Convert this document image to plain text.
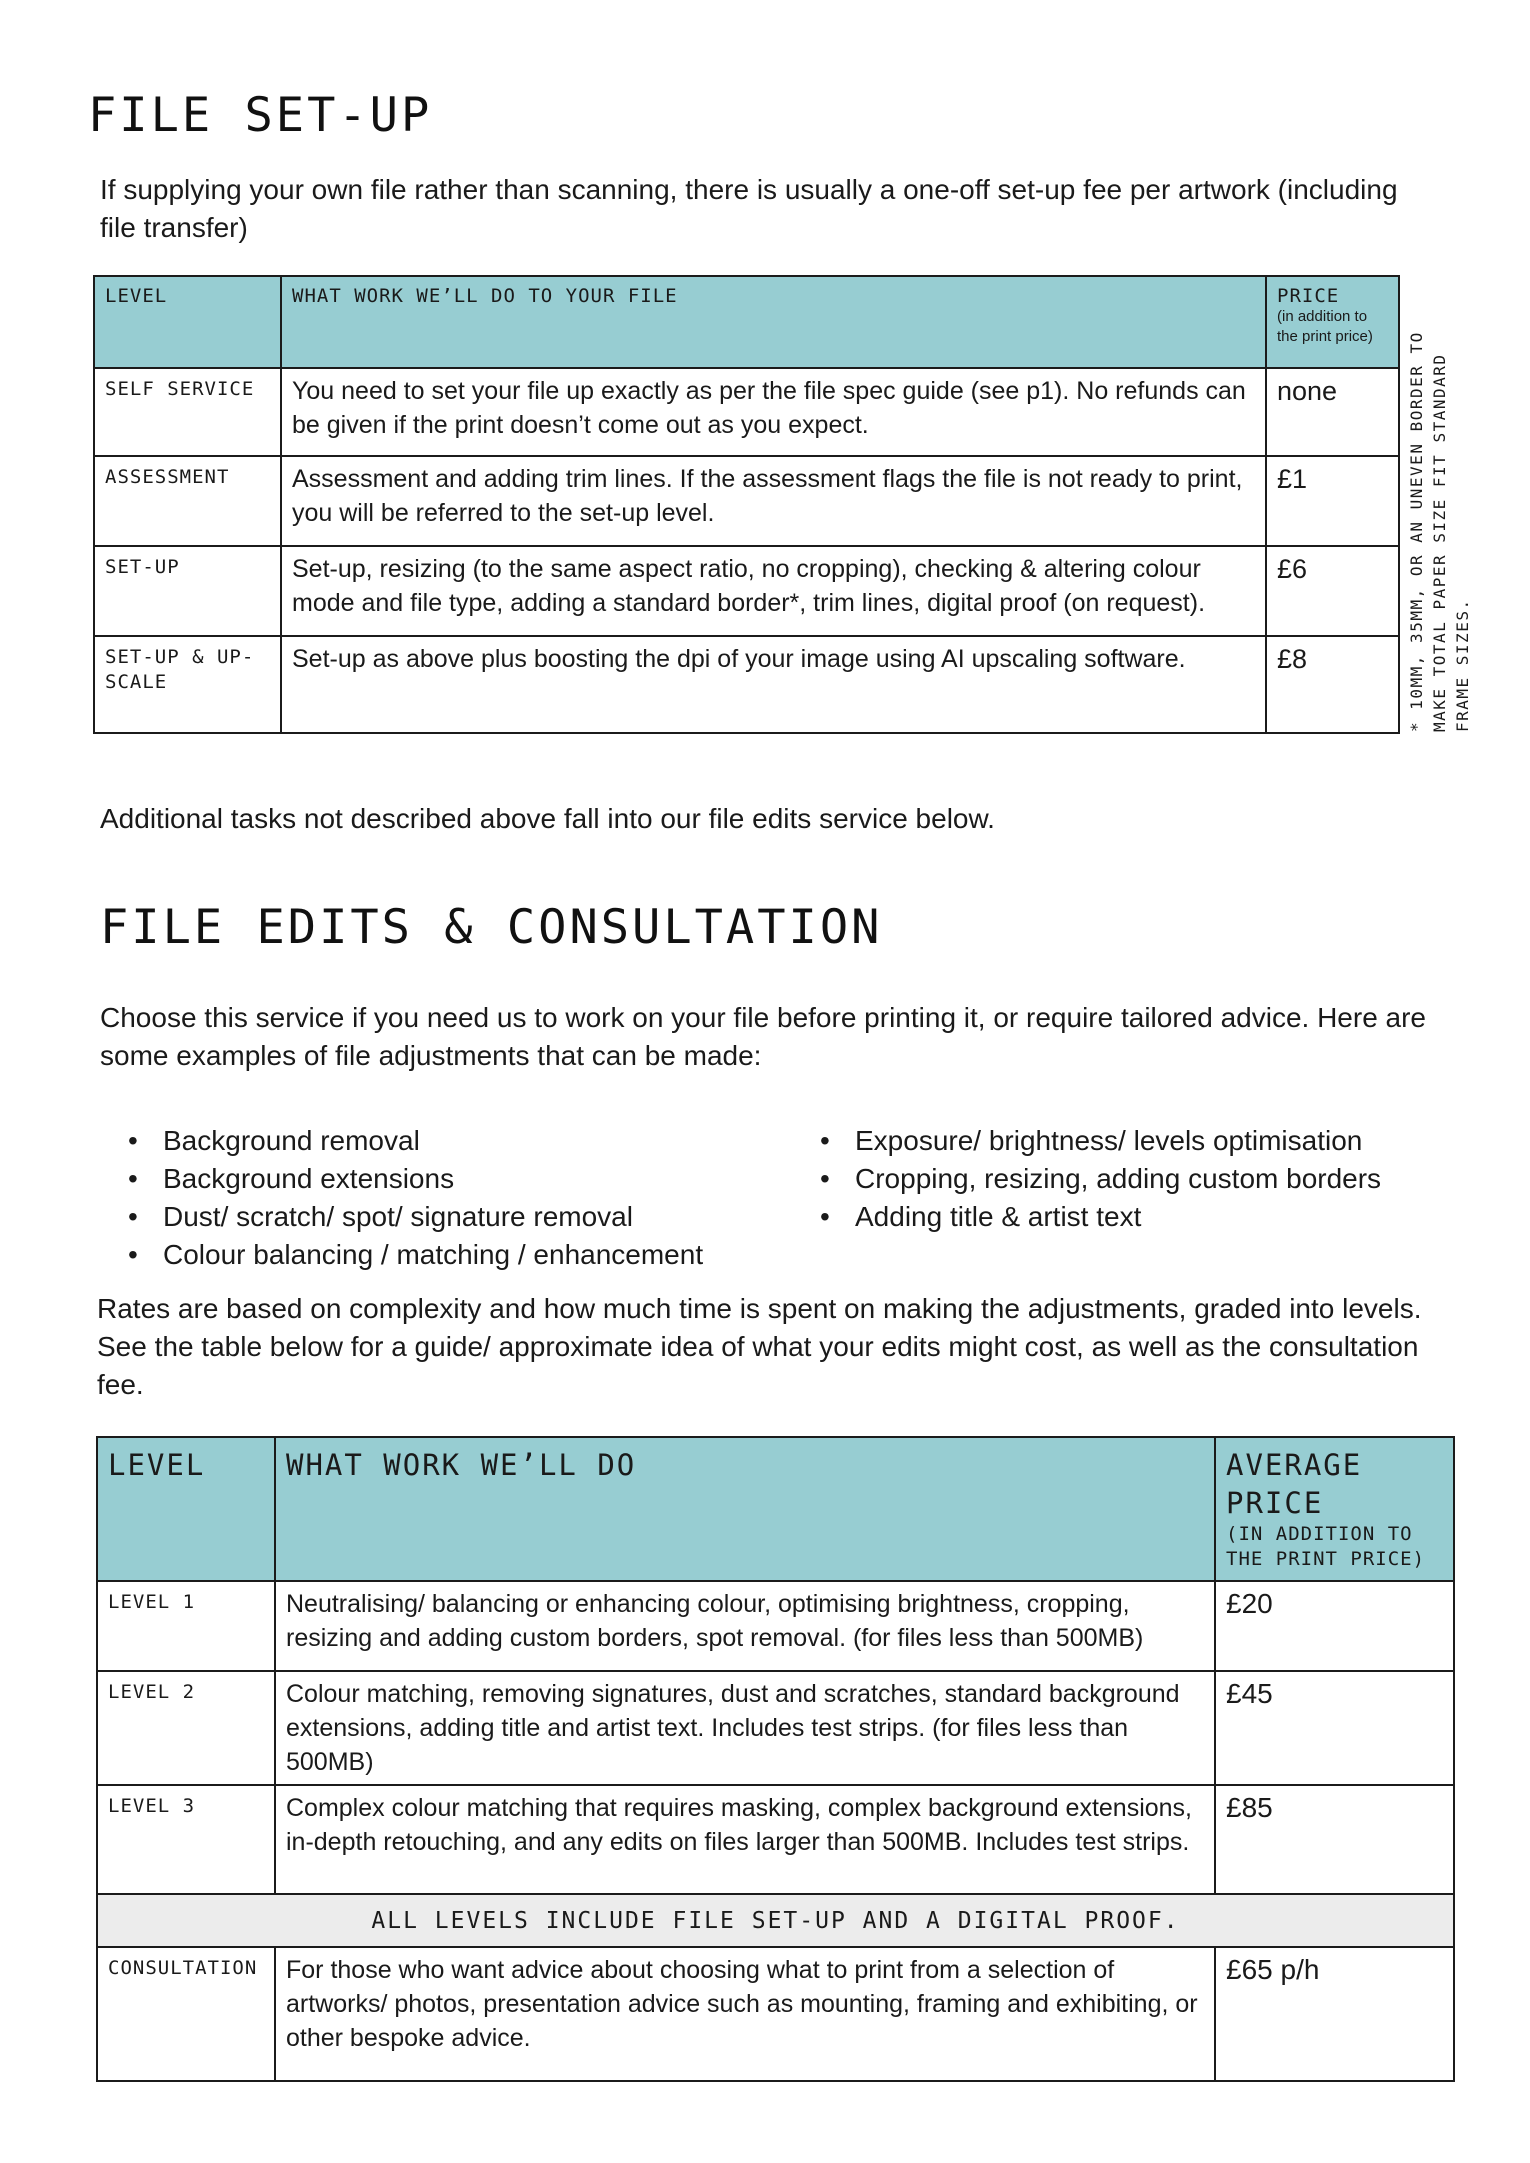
FILE SET-UP
If supplying your own file rather than scanning, there is usually a one-off set-up fee per artwork (including file transfer)
LEVEL	WHAT WORK WE’LL DO TO YOUR FILE	PRICE
(in addition to the print price)

SELF SERVICE	You need to set your file up exactly as per the file spec guide (see p1). No refunds can be given if the print doesn’t come out as you expect.	none
ASSESSMENT	Assessment and adding trim lines. If the assessment flags the file is not ready to print, you will be referred to the set-up level.	£1
SET-UP	Set-up, resizing (to the same aspect ratio, no cropping), checking & altering colour mode and file type, adding a standard border*, trim lines, digital proof (on request).	£6
SET-UP & UP-SCALE	Set-up as above plus boosting the dpi of your image using AI upscaling software.	£8	* 10MM, 35MM, OR AN UNEVEN BORDER TO MAKE TOTAL PAPER SIZE FIT STANDARD FRAME SIZES.
Additional tasks not described above fall into our file edits service below.
FILE EDITS & CONSULTATION
Choose this service if you need us to work on your file before printing it, or require tailored advice. Here are some examples of file adjustments that can be made:
• Background removal
• Background extensions
• Dust/ scratch/ spot/ signature removal
• Colour balancing / matching / enhancement
• Exposure/ brightness/ levels optimisation
• Cropping, resizing, adding custom borders
• Adding title & artist text
Rates are based on complexity and how much time is spent on making the adjustments, graded into levels. See the table below for a guide/ approximate idea of what your edits might cost, as well as the consultation fee.
LEVEL	WHAT WORK WE’LL DO	AVERAGE PRICE
(IN ADDITION TO THE PRINT PRICE)

LEVEL 1	Neutralising/ balancing or enhancing colour, optimising brightness, cropping, resizing and adding custom borders, spot removal. (for files less than 500MB)	£20
LEVEL 2	Colour matching, removing signatures, dust and scratches, standard background extensions, adding title and artist text. Includes test strips. (for files less than 500MB)	£45
LEVEL 3	Complex colour matching that requires masking, complex background extensions, in-depth retouching, and any edits on files larger than 500MB. Includes test strips.	£85
ALL LEVELS INCLUDE FILE SET-UP AND A DIGITAL PROOF.		
CONSULTATION	For those who want advice about choosing what to print from a selection of artworks/ photos, presentation advice such as mounting, framing and exhibiting, or other bespoke advice.	£65 p/h
